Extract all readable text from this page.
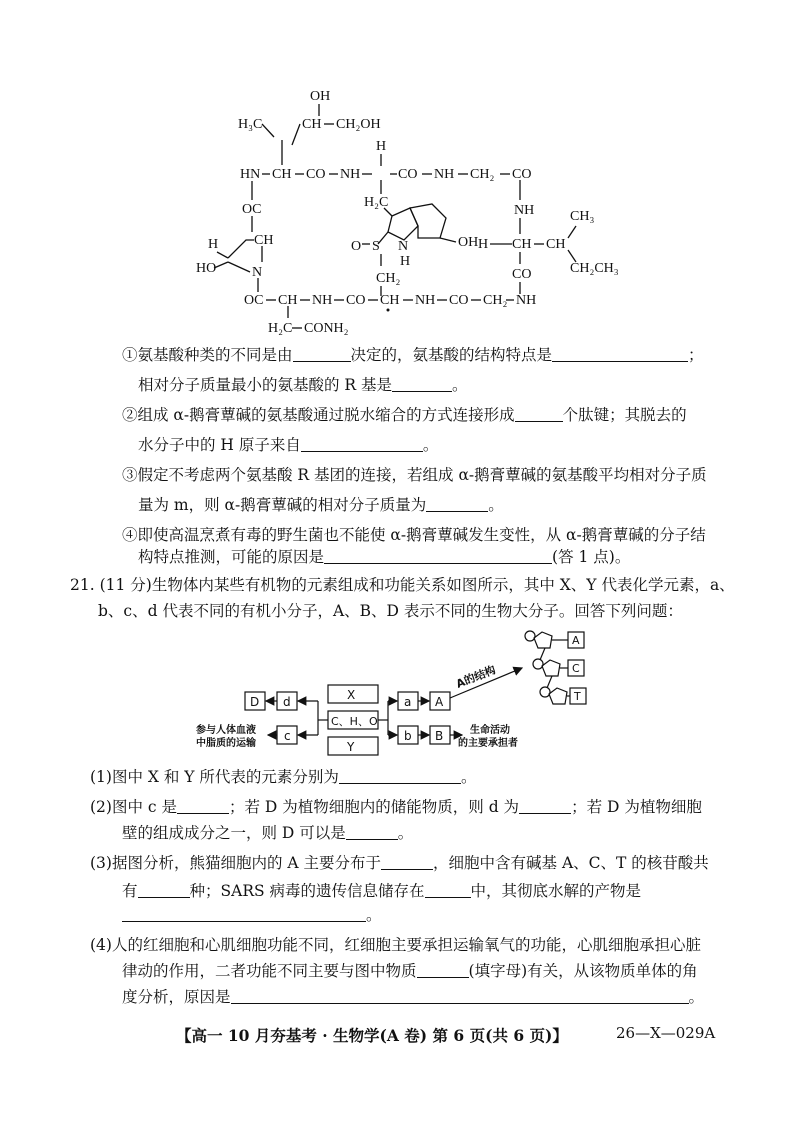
OH
H₃C	CH CH₂OH
H
HN CH CO NH	CO NH CH₂ CO
OC	H₂C
OH
N
H
S
O
CH₂
H	CH
HO	N
NH
H CH CH
CH₃
CH₂CH₃
CO
OC CH NH CO CH NH CO CH₂ NH
H₂C CONH₂
①氨基酸种类的不同是由	决定的，氨基酸的结构特点是	；
相对分子质量最小的氨基酸的 R 基是	。
②组成 α-鹅膏蕈碱的氨基酸通过脱水缩合的方式连接形成	个肽键；其脱去的
水分子中的 H 原子来自	。
③假定不考虑两个氨基酸 R 基团的连接，若组成 α-鹅膏蕈碱的氨基酸平均相对分子质
量为 m，则 α-鹅膏蕈碱的相对分子质量为	。
④即使高温烹煮有毒的野生菌也不能使 α-鹅膏蕈碱发生变性，从 α-鹅膏蕈碱的分子结
构特点推测，可能的原因是	(答 1 点)。
21. (11 分)生物体内某些有机物的元素组成和功能关系如图所示，其中 X、Y 代表化学元素，a、
b、c、d 代表不同的有机小分子，A、B、D 表示不同的生物大分子。回答下列问题：
D d
c
X
C、H、O
Y
a A
b B
A的结构
参与人体血液
中脂质的运输
生命活动
的主要承担者
A
C
T
(1)图中 X 和 Y 所代表的元素分别为	。
(2)图中 c 是	；若 D 为植物细胞内的储能物质，则 d 为	；若 D 为植物细胞
壁的组成成分之一，则 D 可以是	。
(3)据图分析，熊猫细胞内的 A 主要分布于	，细胞中含有碱基 A、C、T 的核苷酸共
有	种；SARS 病毒的遗传信息储存在	中，其彻底水解的产物是
。
(4)人的红细胞和心肌细胞功能不同，红细胞主要承担运输氧气的功能，心肌细胞承担心脏
律动的作用，二者功能不同主要与图中物质	(填字母)有关，从该物质单体的角
度分析，原因是	。
【高一 10 月夯基考 · 生物学(A 卷) 第 6 页(共 6 页)】	26—X—029A
